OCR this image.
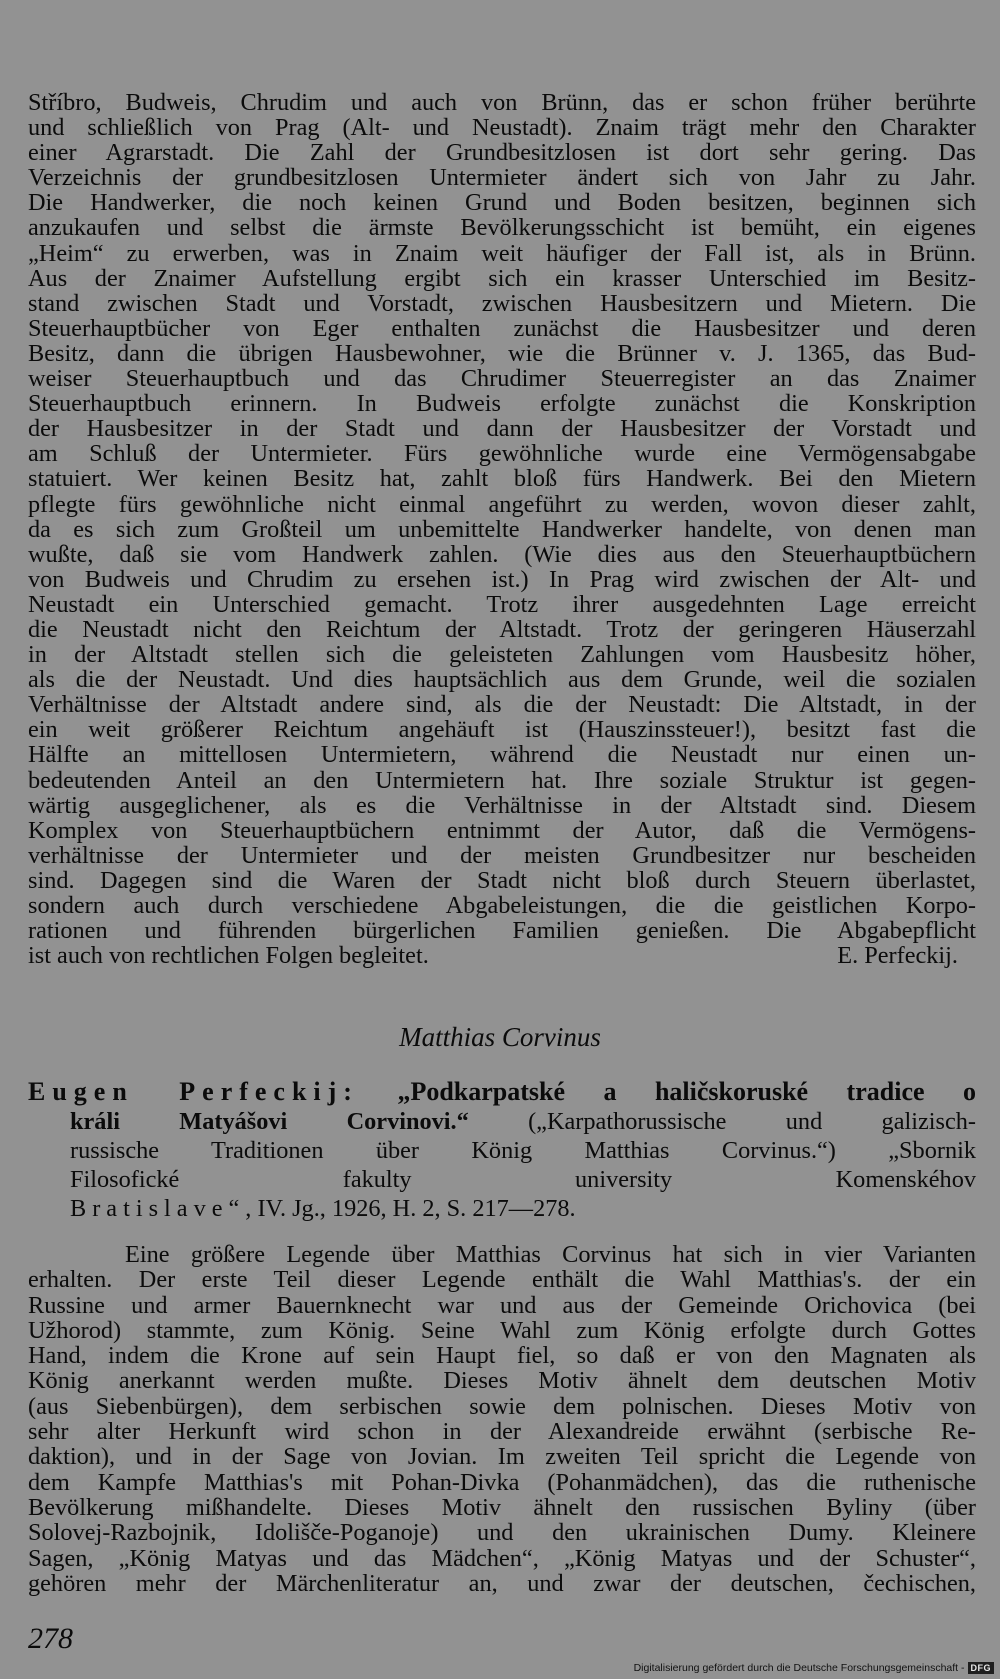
Stříbro, Budweis, Chrudim und auch von Brünn, das er schon früher berührte
und schließlich von Prag (Alt- und Neustadt). Znaim trägt mehr den Charakter
einer Agrarstadt. Die Zahl der Grundbesitzlosen ist dort sehr gering. Das
Verzeichnis der grundbesitzlosen Untermieter ändert sich von Jahr zu Jahr.
Die Handwerker, die noch keinen Grund und Boden besitzen, beginnen sich
anzukaufen und selbst die ärmste Bevölkerungsschicht ist bemüht, ein eigenes
„Heim“ zu erwerben, was in Znaim weit häufiger der Fall ist, als in Brünn.
Aus der Znaimer Aufstellung ergibt sich ein krasser Unterschied im Besitz-
stand zwischen Stadt und Vorstadt, zwischen Hausbesitzern und Mietern. Die
Steuerhauptbücher von Eger enthalten zunächst die Hausbesitzer und deren
Besitz, dann die übrigen Hausbewohner, wie die Brünner v. J. 1365, das Bud-
weiser Steuerhauptbuch und das Chrudimer Steuerregister an das Znaimer
Steuerhauptbuch erinnern. In Budweis erfolgte zunächst die Konskription
der Hausbesitzer in der Stadt und dann der Hausbesitzer der Vorstadt und
am Schluß der Untermieter. Fürs gewöhnliche wurde eine Vermögensabgabe
statuiert. Wer keinen Besitz hat, zahlt bloß fürs Handwerk. Bei den Mietern
pflegte fürs gewöhnliche nicht einmal angeführt zu werden, wovon dieser zahlt,
da es sich zum Großteil um unbemittelte Handwerker handelte, von denen man
wußte, daß sie vom Handwerk zahlen. (Wie dies aus den Steuerhauptbüchern
von Budweis und Chrudim zu ersehen ist.) In Prag wird zwischen der Alt- und
Neustadt ein Unterschied gemacht. Trotz ihrer ausgedehnten Lage erreicht
die Neustadt nicht den Reichtum der Altstadt. Trotz der geringeren Häuserzahl
in der Altstadt stellen sich die geleisteten Zahlungen vom Hausbesitz höher,
als die der Neustadt. Und dies hauptsächlich aus dem Grunde, weil die sozialen
Verhältnisse der Altstadt andere sind, als die der Neustadt: Die Altstadt, in der
ein weit größerer Reichtum angehäuft ist (Hauszinssteuer!), besitzt fast die
Hälfte an mittellosen Untermietern, während die Neustadt nur einen un-
bedeutenden Anteil an den Untermietern hat. Ihre soziale Struktur ist gegen-
wärtig ausgeglichener, als es die Verhältnisse in der Altstadt sind. Diesem
Komplex von Steuerhauptbüchern entnimmt der Autor, daß die Vermögens-
verhältnisse der Untermieter und der meisten Grundbesitzer nur bescheiden
sind. Dagegen sind die Waren der Stadt nicht bloß durch Steuern überlastet,
sondern auch durch verschiedene Abgabeleistungen, die die geistlichen Korpo-
rationen und führenden bürgerlichen Familien genießen. Die Abgabepflicht
ist auch von rechtlichen Folgen begleitet.	E. Perfeckij.
Matthias Corvinus
Eugen Perfeckij: „Podkarpatské a haličskoruské tradice o
králi Matyášovi Corvinovi.“ („Karpathorussische und galizisch-
russische Traditionen über König Matthias Corvinus.“) „Sbornik
Filosofické fakulty university Komenskéhov
Bratislave“, IV. Jg., 1926, H. 2, S. 217—278.
Eine größere Legende über Matthias Corvinus hat sich in vier Varianten
erhalten. Der erste Teil dieser Legende enthält die Wahl Matthias's. der ein
Russine und armer Bauernknecht war und aus der Gemeinde Orichovica (bei
Užhorod) stammte, zum König. Seine Wahl zum König erfolgte durch Gottes
Hand, indem die Krone auf sein Haupt fiel, so daß er von den Magnaten als
König anerkannt werden mußte. Dieses Motiv ähnelt dem deutschen Motiv
(aus Siebenbürgen), dem serbischen sowie dem polnischen. Dieses Motiv von
sehr alter Herkunft wird schon in der Alexandreide erwähnt (serbische Re-
daktion), und in der Sage von Jovian. Im zweiten Teil spricht die Legende von
dem Kampfe Matthias's mit Pohan-Divka (Pohanmädchen), das die ruthenische
Bevölkerung mißhandelte. Dieses Motiv ähnelt den russischen Byliny (über
Solovej-Razbojnik, Idolišče-Poganoje) und den ukrainischen Dumy. Kleinere
Sagen, „König Matyas und das Mädchen“, „König Matyas und der Schuster“,
gehören mehr der Märchenliteratur an, und zwar der deutschen, čechischen,
278
Digitalisierung gefördert durch die Deutsche Forschungsgemeinschaft - DFG
